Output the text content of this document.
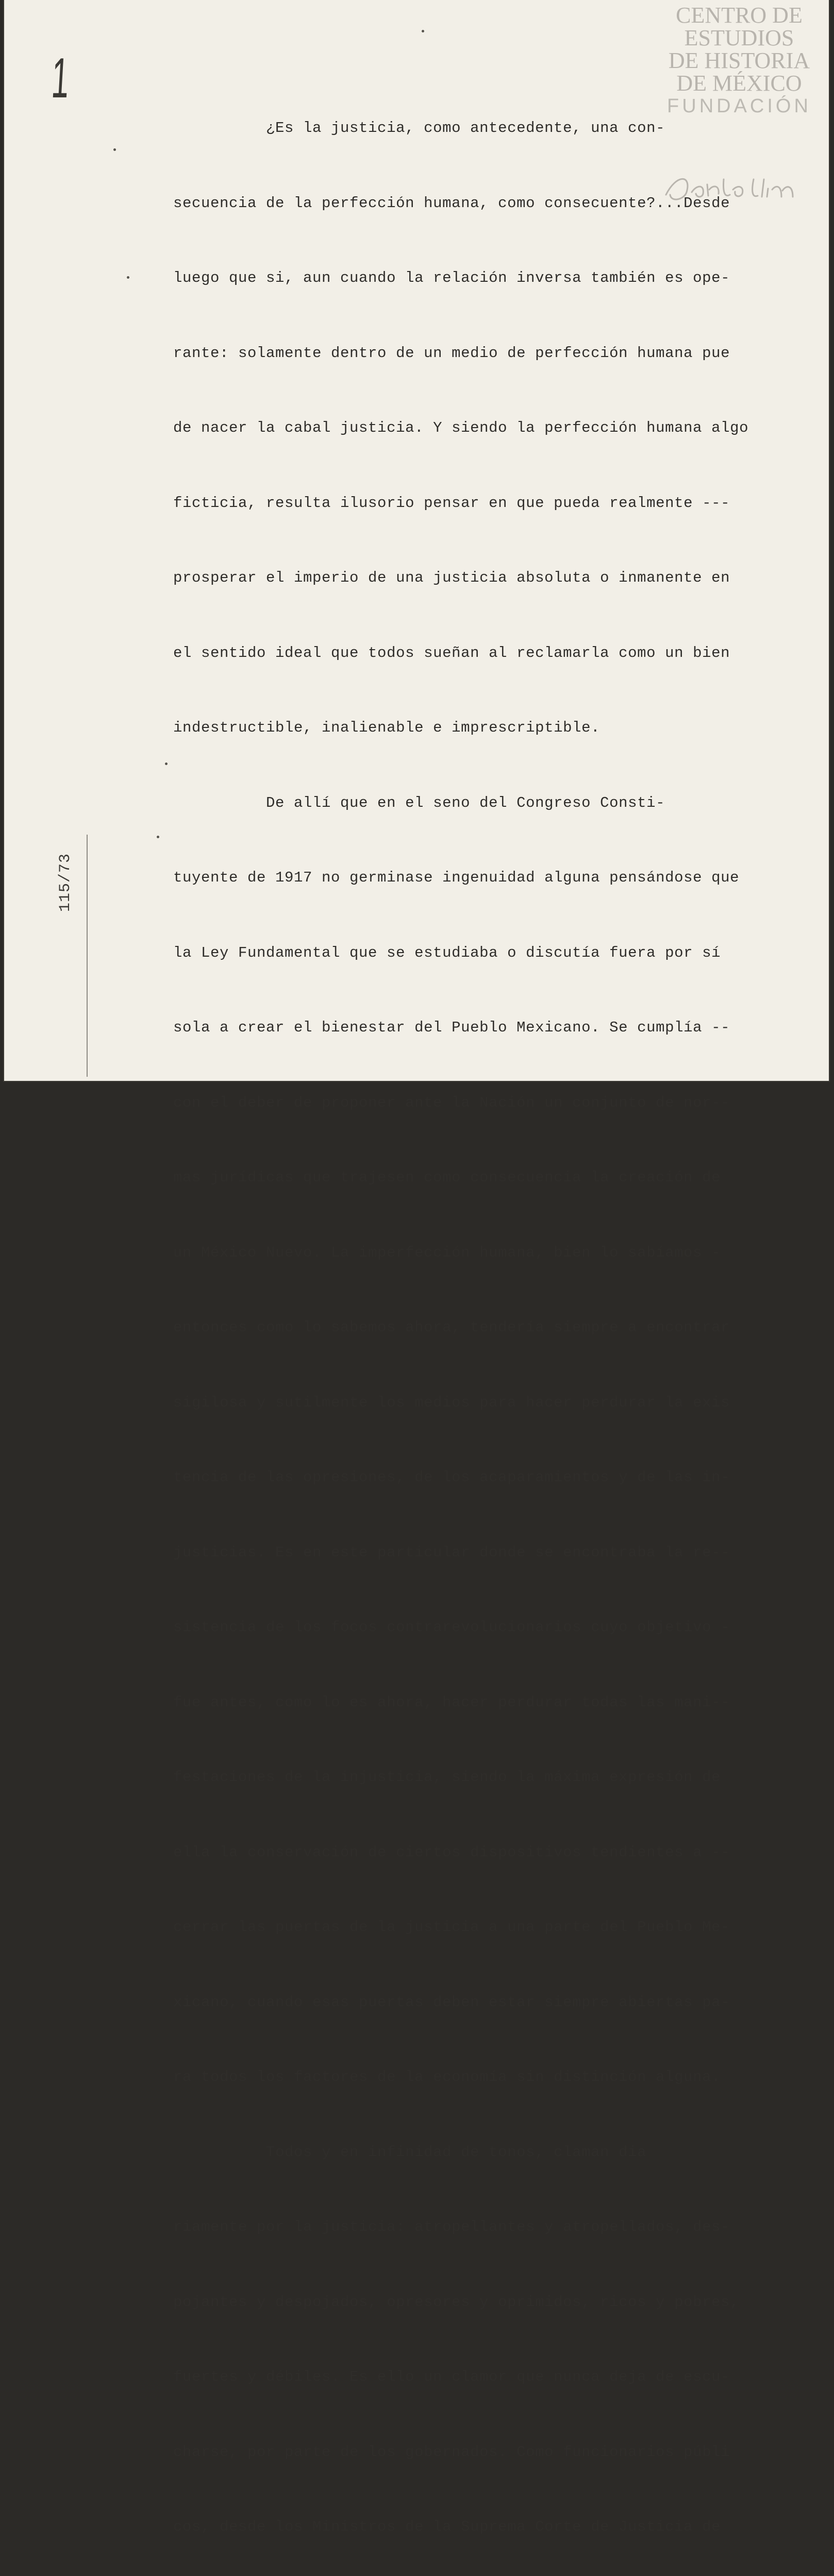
1
CENTRO DE
ESTUDIOS
DE HISTORIA
DE MÉXICO
FUNDACIÓN

¿Es la justicia, como antecedente, una con-

secuencia de la perfección humana, como consecuente?...Desde

luego que si, aun cuando la relación inversa también es ope-

rante: solamente dentro de un medio de perfección humana pue

de nacer la cabal justicia. Y siendo la perfección humana algo

ficticia, resulta ilusorio pensar en que pueda realmente ---

prosperar el imperio de una justicia absoluta o inmanente en

el sentido ideal que todos sueñan al reclamarla como un bien

indestructible, inalienable e imprescriptible.

De allí que en el seno del Congreso Consti-

tuyente de 1917 no germinase ingenuidad alguna pensándose que

la Ley Fundamental que se estudiaba o discutía fuera por sí

sola a crear el bienestar del Pueblo Mexicano. Se cumplía --

con el deber de proponer ante la Nación un conjunto de nor--

mas jurídicas que trajesen como consecuencia la creación de

un México Nuevo. La imperfección humana, bien lo sabíamos -

entonces como lo sabemos ahora, tendería siempre a encontrar

sigilosa y sutilmente los medios para hacer perdurar la exis

tencia de las opresiones, de los acaparamientos y de las in-

justicias. Es en este particular donde se encontraba la re--

sistencia de los focos contrarevolucionarios cuyo objetivo -

fue antes, como lo es ahora, hacer perdurar todas las mani--

festaciones de la injusticia, siendo la máxima expresión de

ella la conservación de ciertos dispositivos tendientes a --

cerrar las puertas de la justicia a una parte del Pueblo Me-

xicano, cuando esas puertas deben estar siempre abiertas pa-

ra todos los factores de la economía sin distinción alguna.

Todos y en infinidad de tonos, claman dia

riamente por la justicia: atropellantes y atropellados, des-

pojantes y despojados, opresores y oprimidos, ricos y pobres,

fuertes y débiles. Es ello un clamor que nunca deja de escu-

charse, por parte de los gobernados. Como funcionarios públi

cos, desde los Ministros de la Suprema Corte de Justicia de

115/73
